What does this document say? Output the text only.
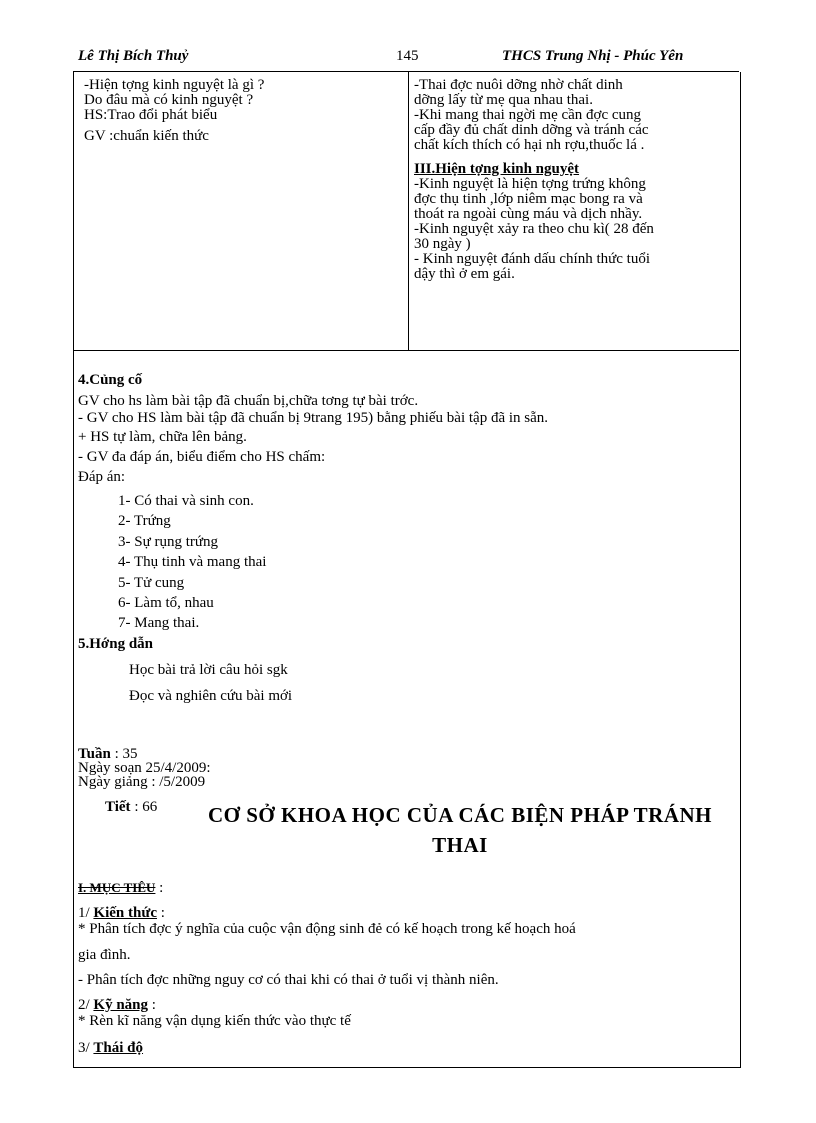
Lê Thị Bích Thuỷ	145	THCS Trung Nhị - Phúc Yên
-Hiện tợng kinh nguyệt là gì ?
Do đâu mà có kinh nguyệt ?
HS:Trao đổi phát biểu
GV :chuẩn kiến thức
-Thai đợc nuôi dỡng nhờ chất dinh
dỡng lấy từ mẹ qua nhau thai.
-Khi mang thai ngời mẹ cần đợc cung
cấp đầy đủ chất dinh dỡng và tránh các
chất kích thích có hại nh rợu,thuốc lá .
III.Hiện tợng kinh nguyệt
-Kinh nguyệt là hiện tợng trứng không
đợc thụ tinh ,lớp niêm mạc bong ra và
thoát ra ngoài cùng máu và dịch nhầy.
-Kinh nguyệt xảy ra theo chu kì( 28 đến
30 ngày )
- Kinh nguyệt đánh dấu chính thức tuổi
dậy thì ở em gái.
4.Củng cố
GV cho hs làm bài tập đã chuẩn bị,chữa tơng tự bài trớc.
- GV cho HS làm bài tập đã chuẩn bị 9trang 195) bằng phiếu bài tập đã in sẵn.
+ HS tự làm, chữa lên bảng.
- GV đa đáp án, biểu điểm cho HS chấm:
Đáp án:
1- Có thai và sinh con.
2- Trứng
3- Sự rụng trứng
4- Thụ tinh và mang thai
5- Tử cung
6- Làm tổ, nhau
7- Mang thai.
5.Hớng dẫn
Học bài trả lời câu hỏi sgk
Đọc và nghiên cứu bài mới
Tuần : 35
Ngày soạn 25/4/2009:
Ngày giảng : /5/2009
Tiết : 66	CƠ SỞ KHOA HỌC CỦA CÁC BIỆN PHÁP TRÁNH
THAI
I. MỤC TIÊU :
1/ Kiến thức :
* Phân tích đợc ý nghĩa của cuộc vận động sinh đẻ có kế hoạch trong kế hoạch hoá
gia đình.
- Phân tích đợc những nguy cơ có thai khi có thai ở tuổi vị thành niên.
2/ Kỹ năng :
* Rèn kĩ năng vận dụng kiến thức vào thực tế
3/ Thái độ
